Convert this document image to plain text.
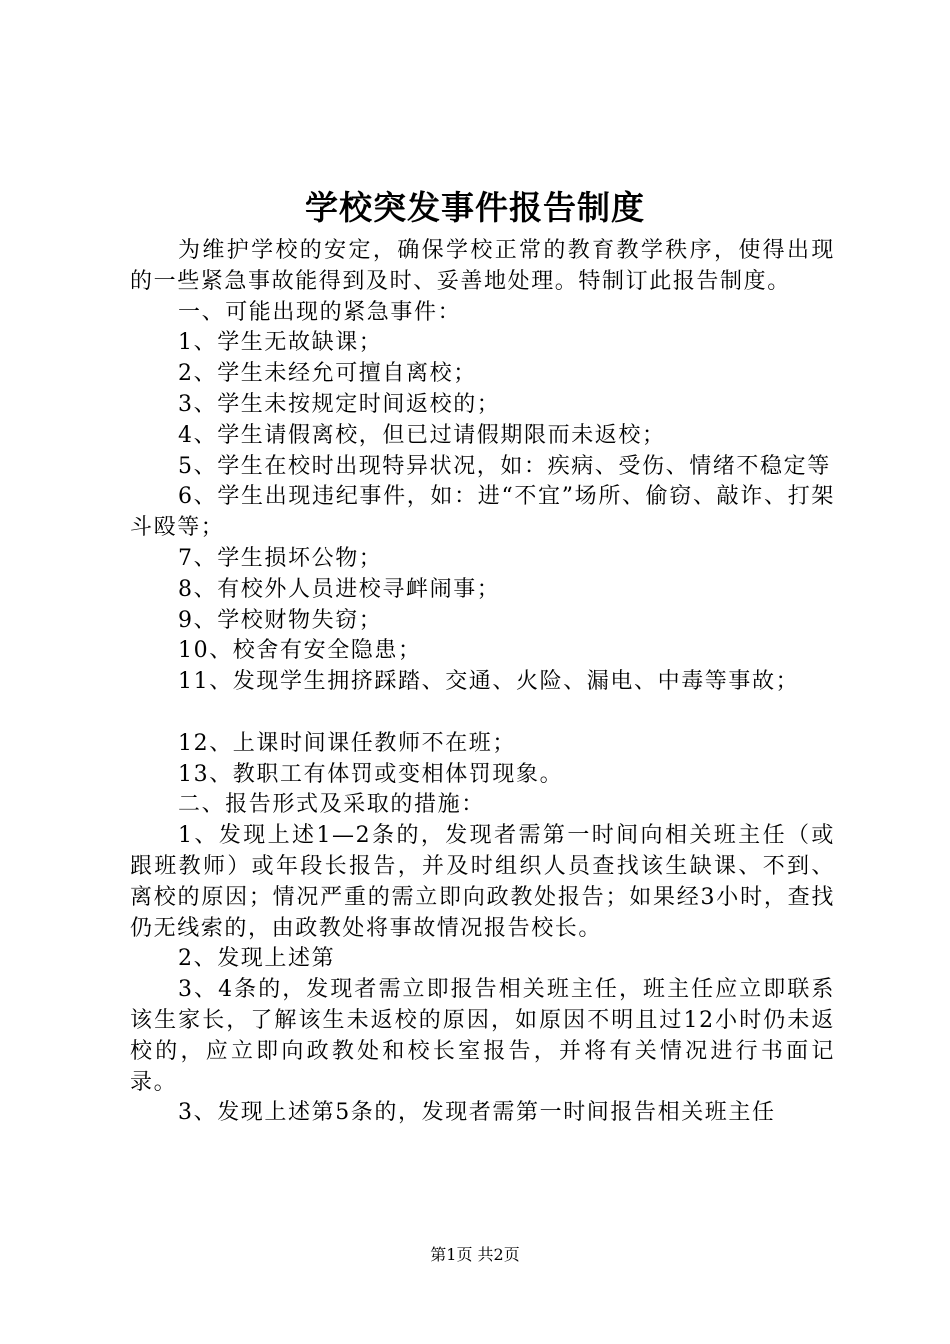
学校突发事件报告制度

为维护学校的安定，确保学校正常的教育教学秩序，使得出现的一些紧急事故能得到及时、妥善地处理。特制订此报告制度。

一、可能出现的紧急事件：

1、学生无故缺课；

2、学生未经允可擅自离校；

3、学生未按规定时间返校的；

4、学生请假离校，但已过请假期限而未返校；

5、学生在校时出现特异状况，如：疾病、受伤、情绪不稳定等

6、学生出现违纪事件，如：进“不宜”场所、偷窃、敲诈、打架斗殴等；

7、学生损坏公物；

8、有校外人员进校寻衅闹事；

9、学校财物失窃；

10、校舍有安全隐患；

11、发现学生拥挤踩踏、交通、火险、漏电、中毒等事故；

12、上课时间课任教师不在班；

13、教职工有体罚或变相体罚现象。

二、报告形式及采取的措施：

1、发现上述1—2条的，发现者需第一时间向相关班主任（或跟班教师）或年段长报告，并及时组织人员查找该生缺课、不到、离校的原因；情况严重的需立即向政教处报告；如果经3小时，查找仍无线索的，由政教处将事故情况报告校长。

2、发现上述第

3、4条的，发现者需立即报告相关班主任，班主任应立即联系该生家长，了解该生未返校的原因，如原因不明且过12小时仍未返校的，应立即向政教处和校长室报告，并将有关情况进行书面记录。

3、发现上述第5条的，发现者需第一时间报告相关班主任

第1页 共2页
